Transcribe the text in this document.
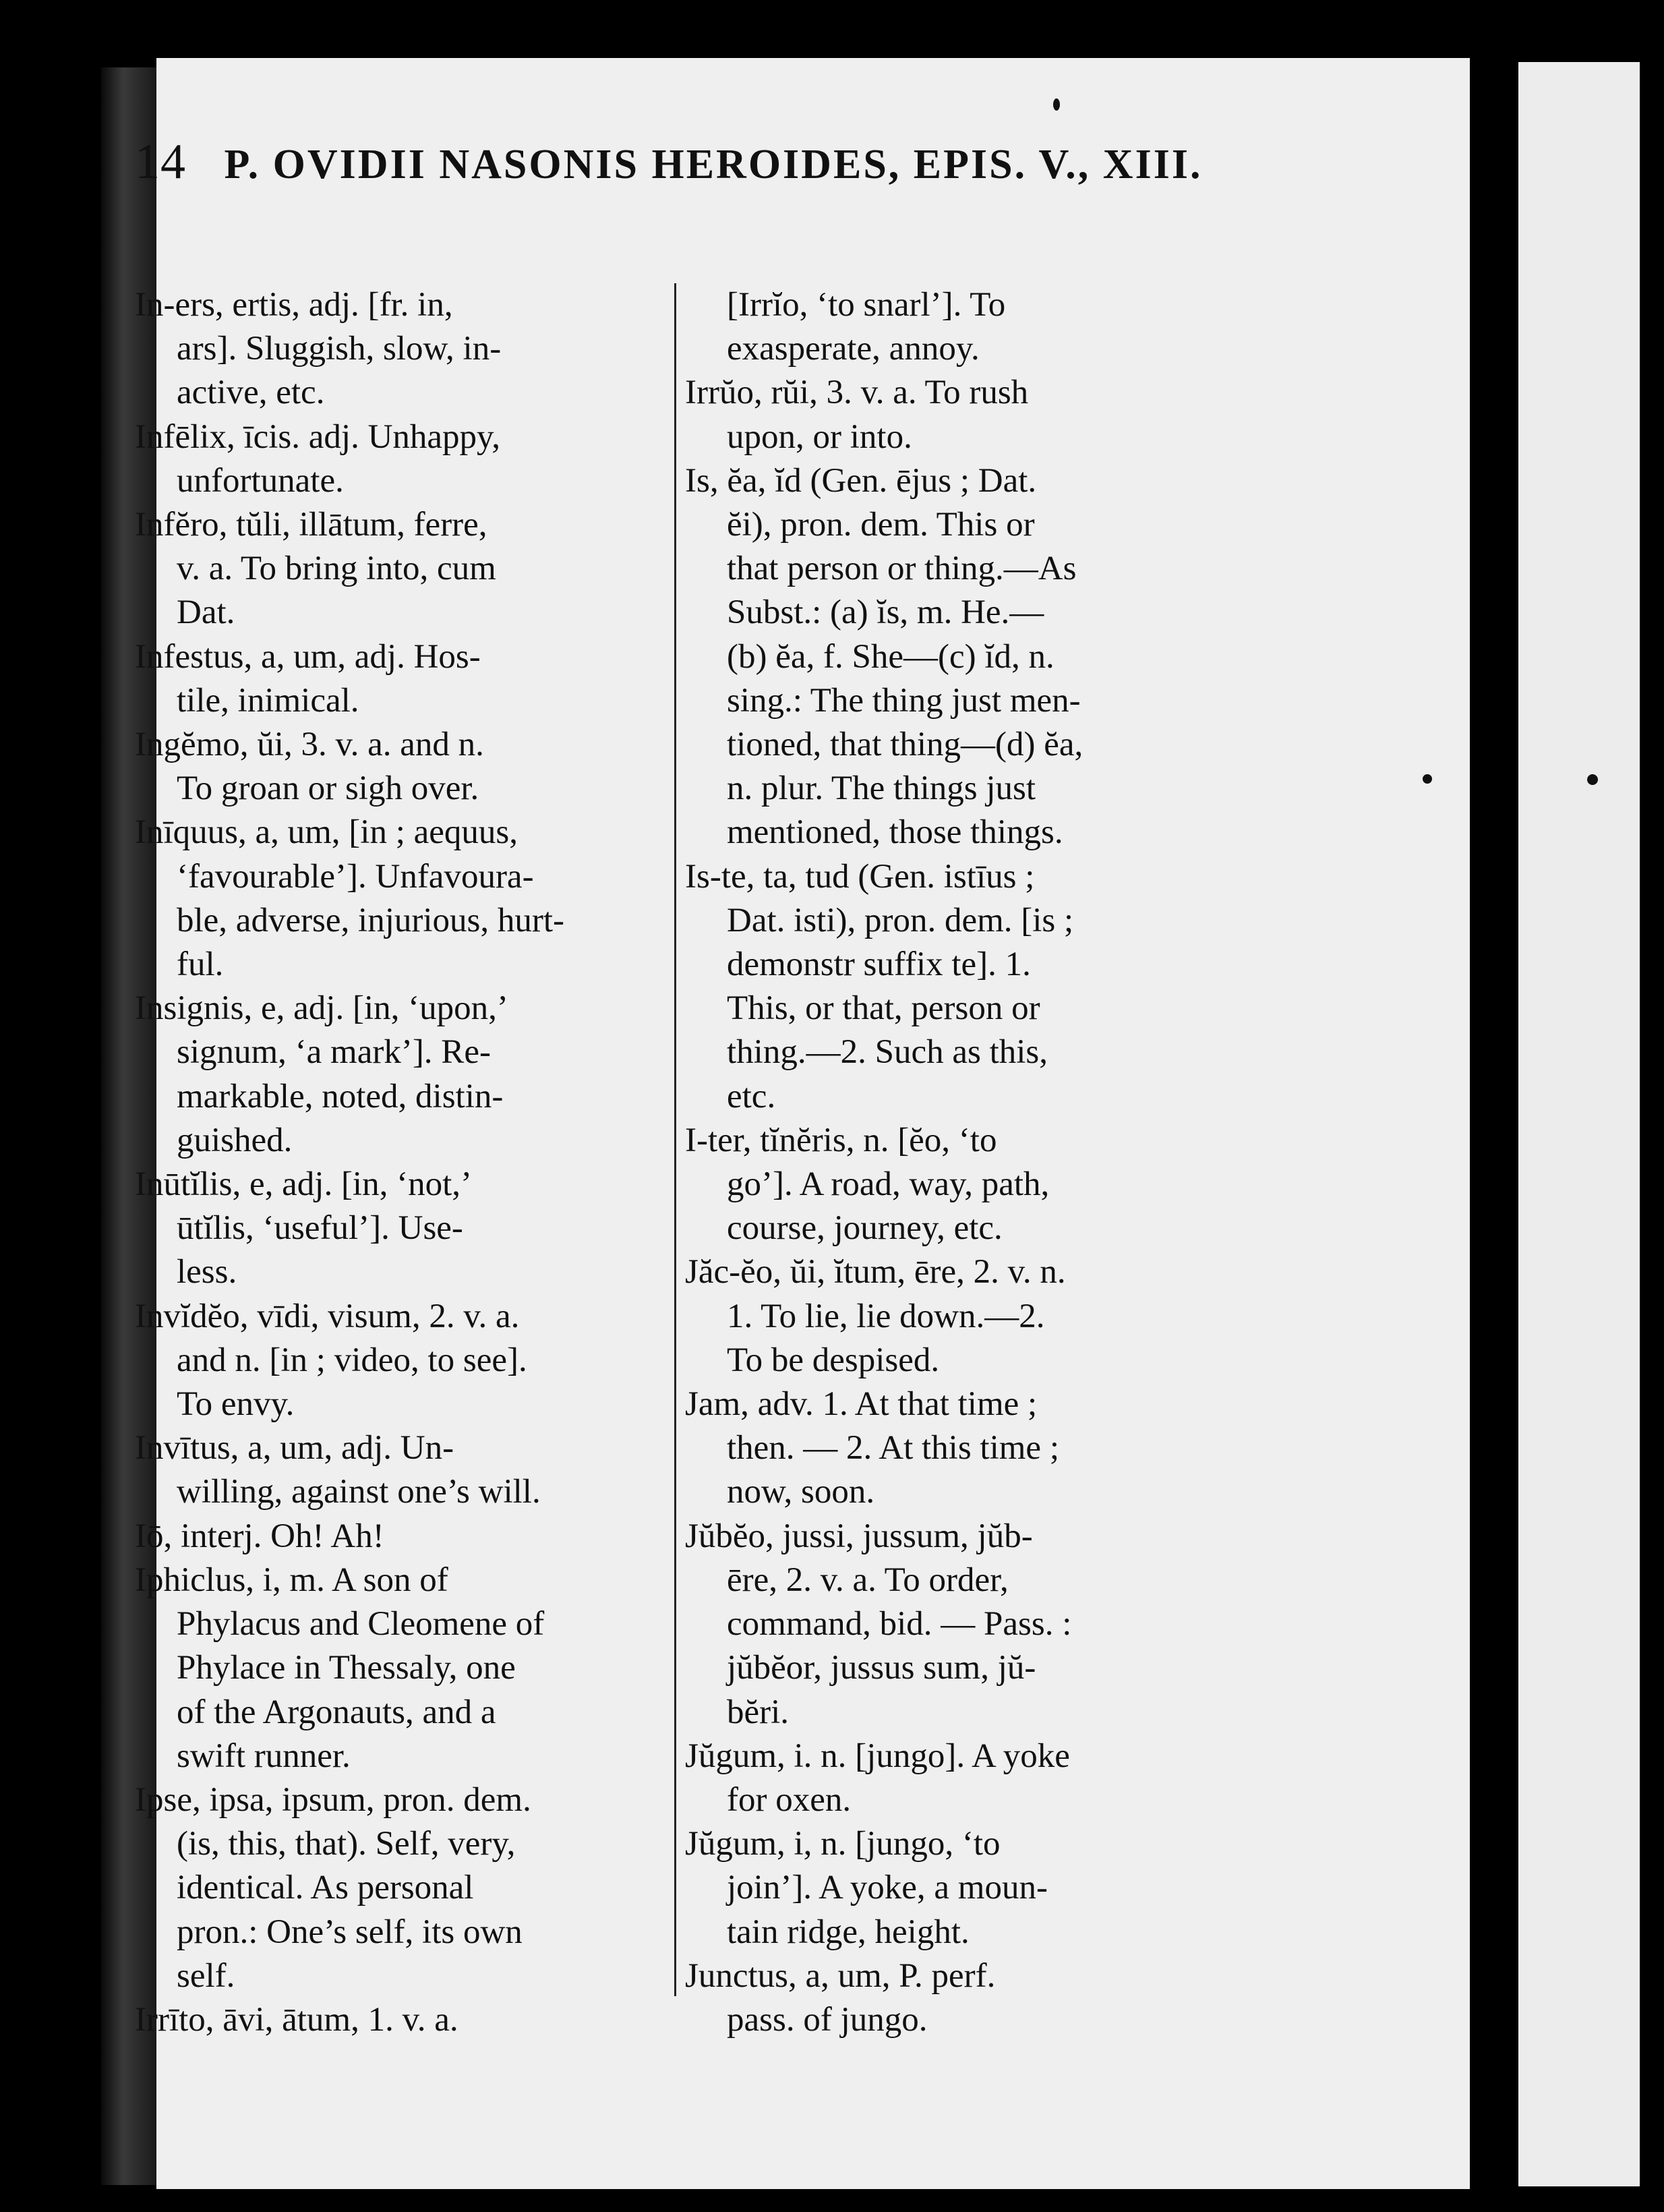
14 P. OVIDII NASONIS HEROIDES, EPIS. V., XIII.

In-ers, ertis, adj. [fr. in,

ars]. Sluggish, slow, in-

active, etc.

Infēlix, īcis. adj. Unhappy,

unfortunate.

Infĕro, tŭli, illātum, ferre,

v. a. To bring into, cum

Dat.

Infestus, a, um, adj. Hos-

tile, inimical.

Ingĕmo, ŭi, 3. v. a. and n.

To groan or sigh over.

Inīquus, a, um, [in ; aequus,

‘favourable’]. Unfavoura-

ble, adverse, injurious, hurt-

ful.

Insignis, e, adj. [in, ‘upon,’

signum, ‘a mark’]. Re-

markable, noted, distin-

guished.

Inūtĭlis, e, adj. [in, ‘not,’

ūtĭlis, ‘useful’]. Use-

less.

Invĭdĕo, vīdi, visum, 2. v. a.

and n. [in ; video, to see].

To envy.

Invītus, a, um, adj. Un-

willing, against one’s will.

Iō, interj. Oh! Ah!

Iphiclus, i, m. A son of

Phylacus and Cleomene of

Phylace in Thessaly, one

of the Argonauts, and a

swift runner.

Ipse, ipsa, ipsum, pron. dem.

(is, this, that). Self, very,

identical. As personal

pron.: One’s self, its own

self.

Irrīto, āvi, ātum, 1. v. a.

[Irrĭo, ‘to snarl’]. To

exasperate, annoy.

Irrŭo, rŭi, 3. v. a. To rush

upon, or into.

Is, ĕa, ĭd (Gen. ējus ; Dat.

ĕi), pron. dem. This or

that person or thing.—As

Subst.: (a) ĭs, m. He.—

(b) ĕa, f. She—(c) ĭd, n.

sing.: The thing just men-

tioned, that thing—(d) ĕa,

n. plur. The things just

mentioned, those things.

Is-te, ta, tud (Gen. istīus ;

Dat. isti), pron. dem. [is ;

demonstr suffix te]. 1.

This, or that, person or

thing.—2. Such as this,

etc.

I-ter, tĭnĕris, n. [ĕo, ‘to

go’]. A road, way, path,

course, journey, etc.

Jăc-ĕo, ŭi, ĭtum, ēre, 2. v. n.

1. To lie, lie down.—2.

To be despised.

Jam, adv. 1. At that time ;

then. — 2. At this time ;

now, soon.

Jŭbĕo, jussi, jussum, jŭb-

ēre, 2. v. a. To order,

command, bid. — Pass. :

jŭbĕor, jussus sum, jŭ-

bĕri.

Jŭgum, i. n. [jungo]. A yoke

for oxen.

Jŭgum, i, n. [jungo, ‘to

join’]. A yoke, a moun-

tain ridge, height.

Junctus, a, um, P. perf.

pass. of jungo.
